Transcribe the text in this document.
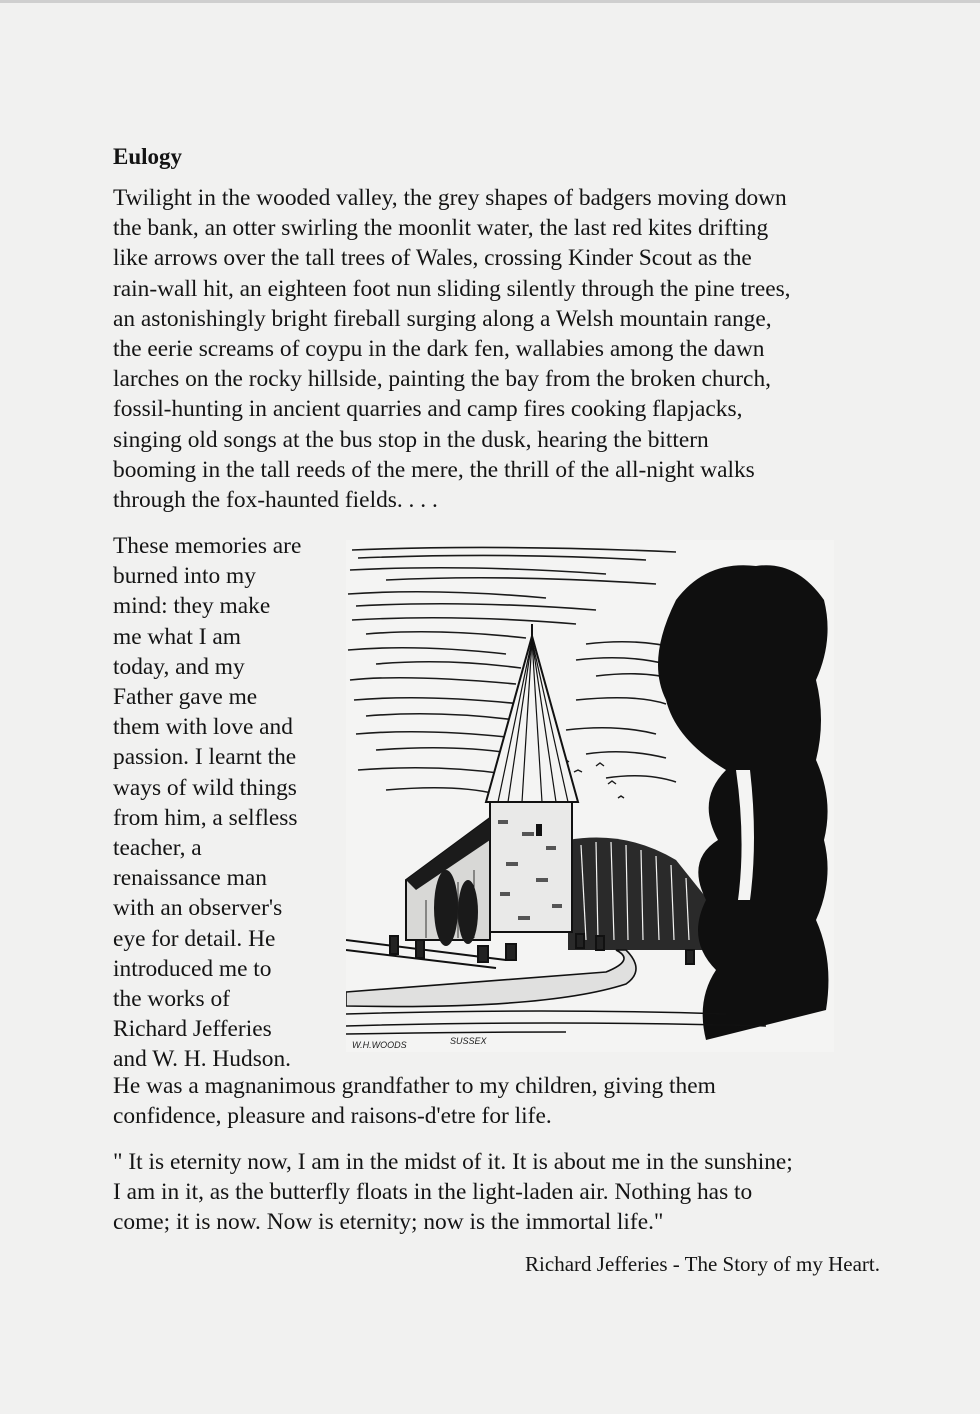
Eulogy
Twilight in the wooded valley, the grey shapes of badgers moving down
the bank, an otter swirling the moonlit water, the last red kites drifting
like arrows over the tall trees of Wales, crossing Kinder Scout as the
rain-wall hit, an eighteen foot nun sliding silently through the pine trees,
an astonishingly bright fireball surging along a Welsh mountain range,
the eerie screams of coypu in the dark fen, wallabies among the dawn
larches on the rocky hillside, painting the bay from the broken church,
fossil-hunting in ancient quarries and camp fires cooking flapjacks,
singing old songs at the bus stop in the dusk, hearing the bittern
booming in the tall reeds of the mere, the thrill of the all-night walks
through the fox-haunted fields. . . .
These memories are
burned into my
mind: they make
me what I am
today, and my
Father gave me
them with love and
passion. I learnt the
ways of wild things
from him, a selfless
teacher, a
renaissance man
with an observer's
eye for detail. He
introduced me to
the works of
Richard Jefferies
and W. H. Hudson.
W.H.WOODS	SUSSEX
He was a magnanimous grandfather to my children, giving them
confidence, pleasure and raisons-d'etre for life.
" It is eternity now, I am in the midst of it. It is about me in the sunshine;
I am in it, as the butterfly floats in the light-laden air. Nothing has to
come; it is now. Now is eternity; now is the immortal life."
Richard Jefferies - The Story of my Heart.
